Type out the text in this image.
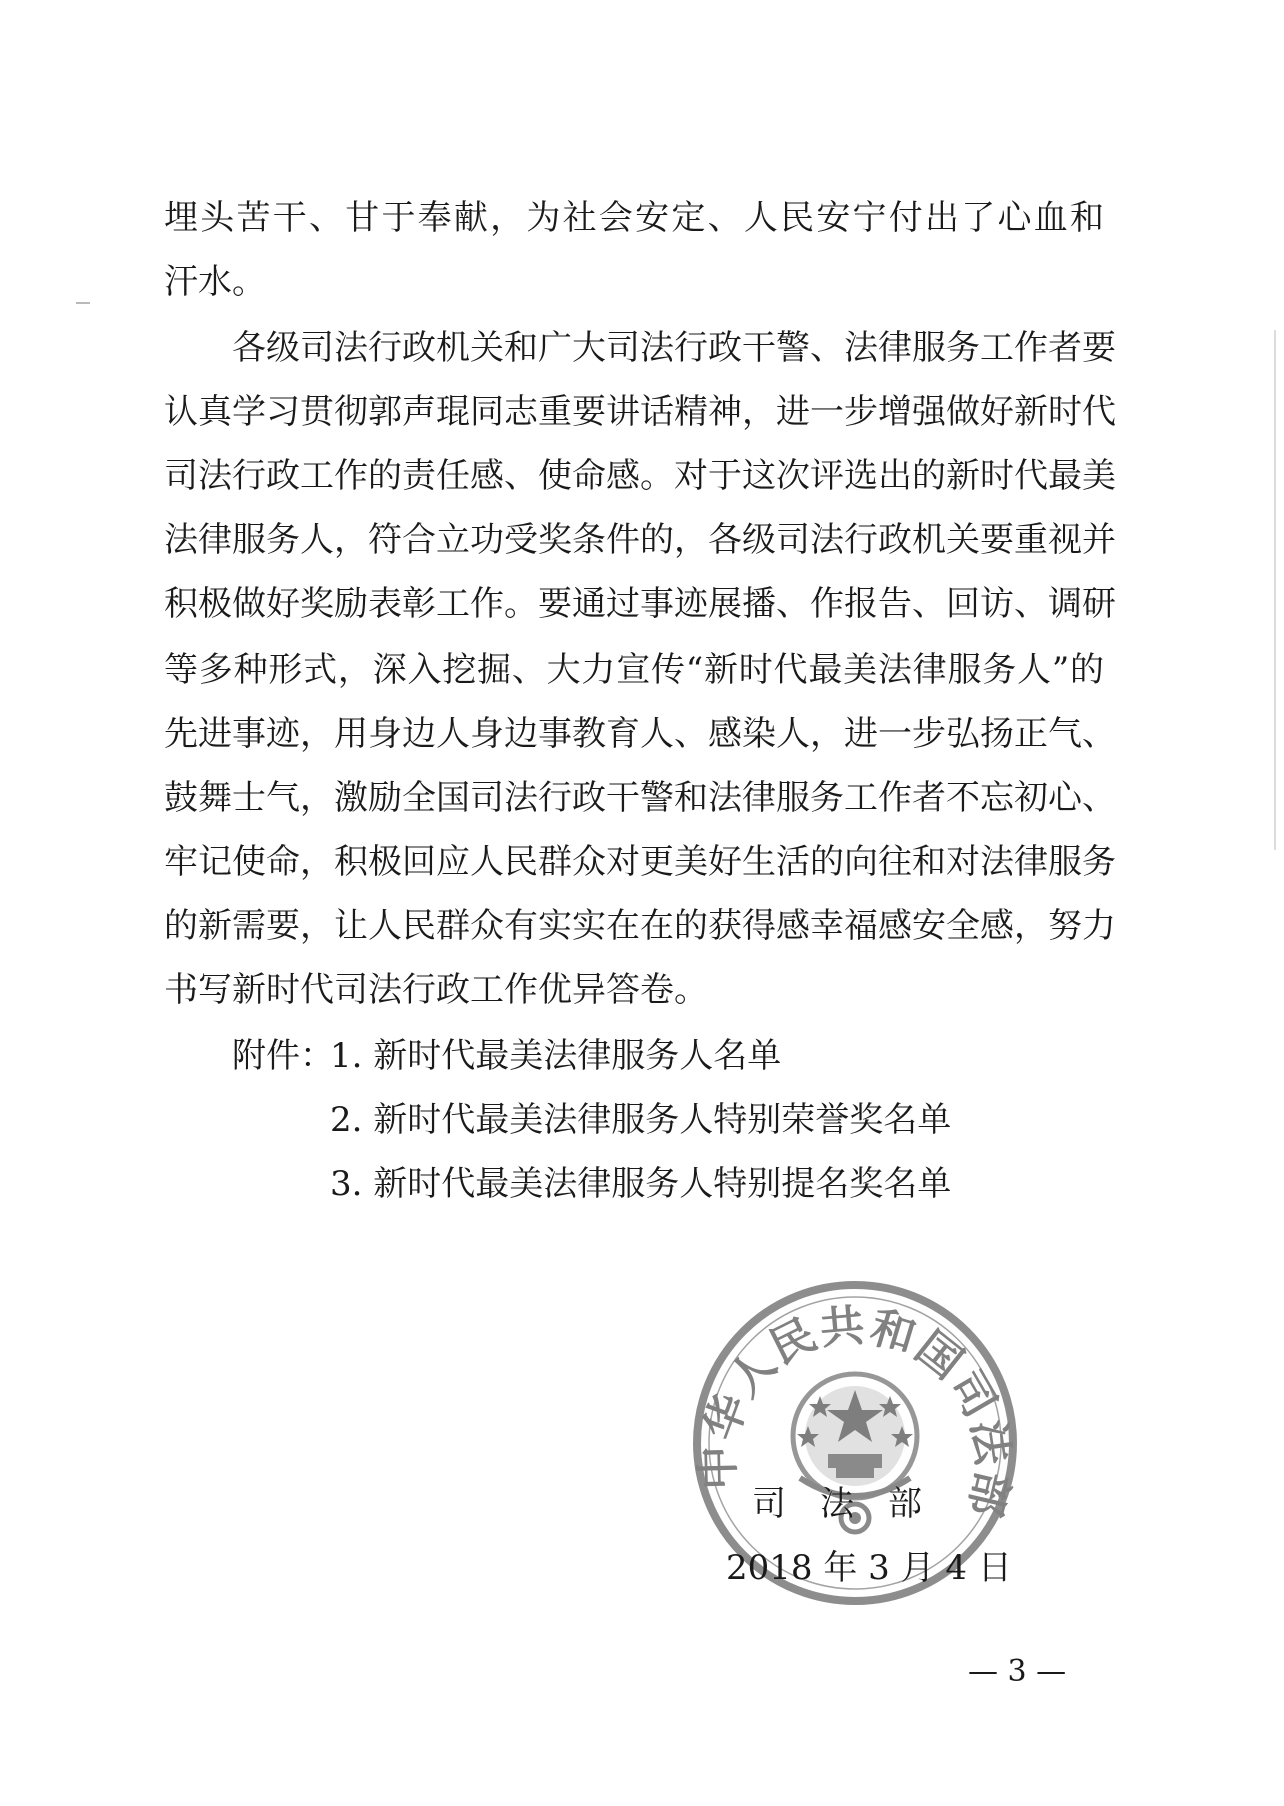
埋头苦干、甘于奉献，为社会安定、人民安宁付出了心血和
汗水。
各级司法行政机关和广大司法行政干警、法律服务工作者要
认真学习贯彻郭声琨同志重要讲话精神，进一步增强做好新时代
司法行政工作的责任感、使命感。对于这次评选出的新时代最美
法律服务人，符合立功受奖条件的，各级司法行政机关要重视并
积极做好奖励表彰工作。要通过事迹展播、作报告、回访、调研
等多种形式，深入挖掘、大力宣传“新时代最美法律服务人”的
先进事迹，用身边人身边事教育人、感染人，进一步弘扬正气、
鼓舞士气，激励全国司法行政干警和法律服务工作者不忘初心、
牢记使命，积极回应人民群众对更美好生活的向往和对法律服务
的新需要，让人民群众有实实在在的获得感幸福感安全感，努力
书写新时代司法行政工作优异答卷。
附件：
1. 新时代最美法律服务人名单
2. 新时代最美法律服务人特别荣誉奖名单
3. 新时代最美法律服务人特别提名奖名单
中华人民共和国司法部
司　法　部
2018 年 3 月 4 日
— 3 —
